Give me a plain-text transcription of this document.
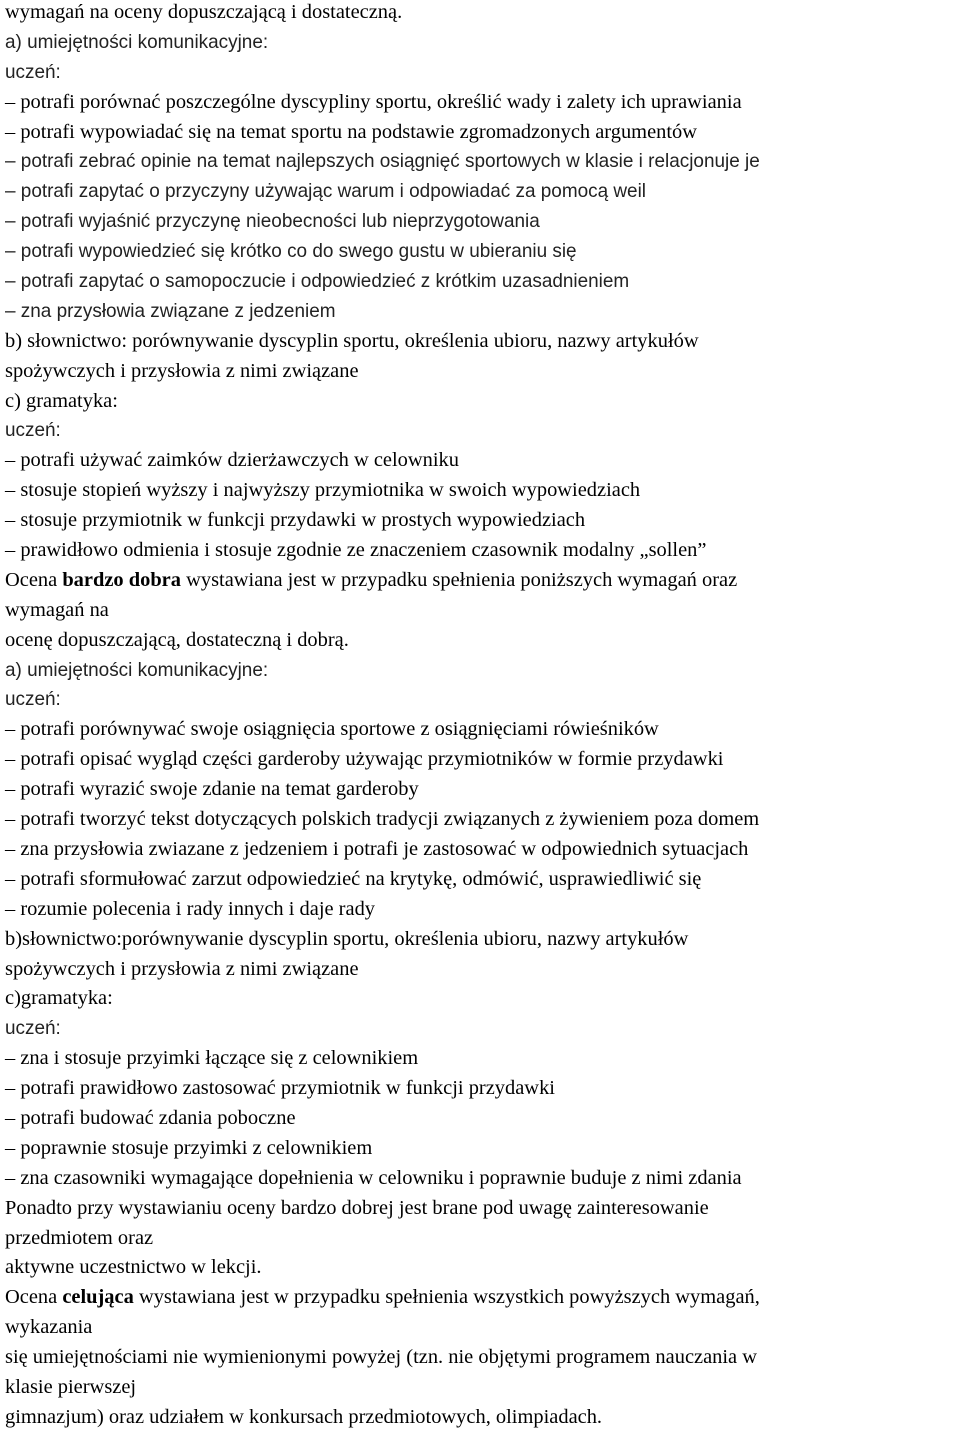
wymagań na oceny dopuszczającą i dostateczną.
a) umiejętności komunikacyjne:
uczeń:
– potrafi porównać poszczególne dyscypliny sportu, określić wady i zalety ich uprawiania
– potrafi wypowiadać się na temat sportu na podstawie zgromadzonych argumentów
– potrafi zebrać opinie na temat najlepszych osiągnięć sportowych w klasie i relacjonuje je
– potrafi zapytać o przyczyny używając warum i odpowiadać za pomocą weil
– potrafi wyjaśnić przyczynę nieobecności lub nieprzygotowania
– potrafi wypowiedzieć się krótko co do swego gustu w ubieraniu się
– potrafi zapytać o samopoczucie i odpowiedzieć z krótkim uzasadnieniem
– zna przysłowia związane z jedzeniem
b) słownictwo: porównywanie dyscyplin sportu, określenia ubioru, nazwy artykułów
spożywczych i przysłowia z nimi związane
c) gramatyka:
uczeń:
– potrafi używać zaimków dzierżawczych w celowniku
– stosuje stopień wyższy i najwyższy przymiotnika w swoich wypowiedziach
– stosuje przymiotnik w funkcji przydawki w prostych wypowiedziach
– prawidłowo odmienia i stosuje zgodnie ze znaczeniem czasownik modalny „sollen”
Ocena bardzo dobra wystawiana jest w przypadku spełnienia poniższych wymagań oraz
wymagań na
ocenę dopuszczającą, dostateczną i dobrą.
a) umiejętności komunikacyjne:
uczeń:
– potrafi porównywać swoje osiągnięcia sportowe z osiągnięciami rówieśników
– potrafi opisać wygląd części garderoby używając przymiotników w formie przydawki
– potrafi wyrazić swoje zdanie na temat garderoby
– potrafi tworzyć tekst dotyczących polskich tradycji związanych z żywieniem poza domem
– zna przysłowia zwiazane z jedzeniem i potrafi je zastosować w odpowiednich sytuacjach
– potrafi sformułować zarzut odpowiedzieć na krytykę, odmówić, usprawiedliwić się
– rozumie polecenia i rady innych i daje rady
b)słownictwo:porównywanie dyscyplin sportu, określenia ubioru, nazwy artykułów
spożywczych i przysłowia z nimi związane
c)gramatyka:
uczeń:
– zna i stosuje przyimki łączące się z celownikiem
– potrafi prawidłowo zastosować przymiotnik w funkcji przydawki
– potrafi budować zdania poboczne
– poprawnie stosuje przyimki z celownikiem
– zna czasowniki wymagające dopełnienia w celowniku i poprawnie buduje z nimi zdania
Ponadto przy wystawianiu oceny bardzo dobrej jest brane pod uwagę zainteresowanie
przedmiotem oraz
aktywne uczestnictwo w lekcji.
Ocena celująca wystawiana jest w przypadku spełnienia wszystkich powyższych wymagań,
wykazania
się umiejętnościami nie wymienionymi powyżej (tzn. nie objętymi programem nauczania w
klasie pierwszej
gimnazjum) oraz udziałem w konkursach przedmiotowych, olimpiadach.
